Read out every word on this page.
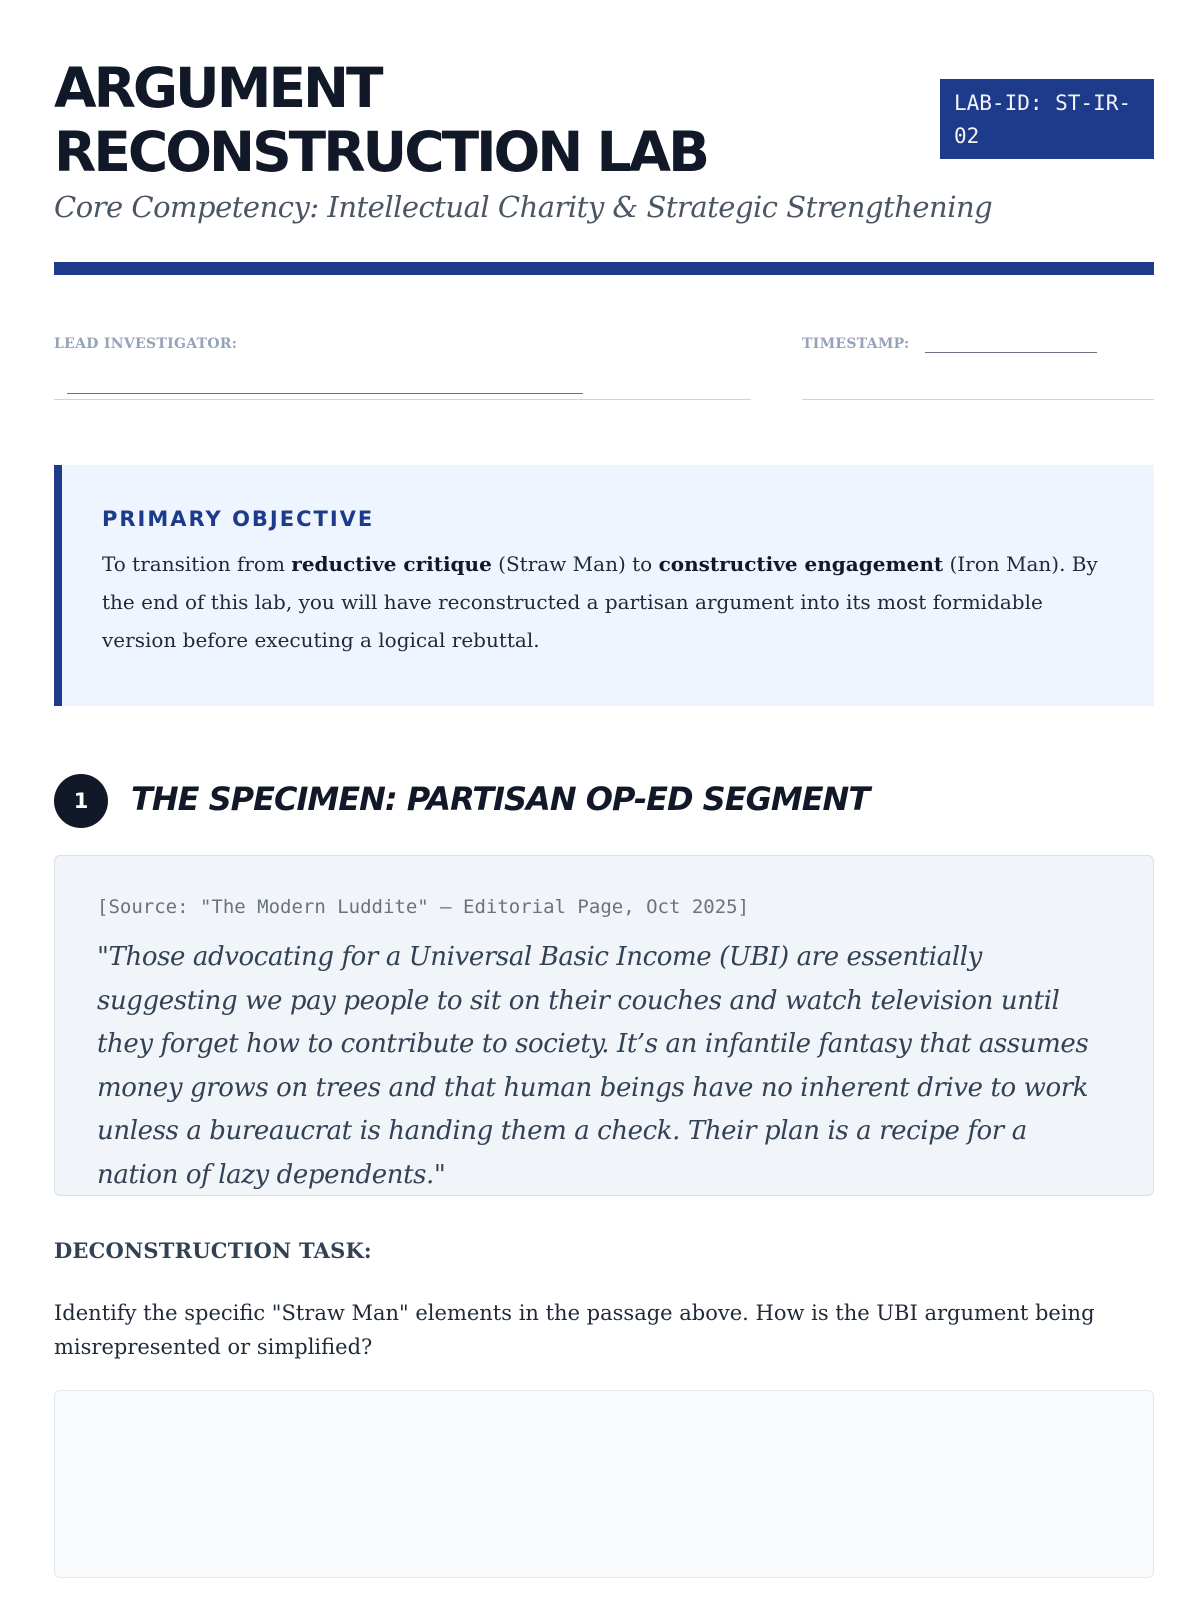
ARGUMENT
RECONSTRUCTION LAB
Core Competency: Intellectual Charity & Strategic Strengthening
LAB-ID: ST-IR-02
LEAD INVESTIGATOR:	TIMESTAMP:
PRIMARY OBJECTIVE

To transition from reductive critique (Straw Man) to constructive engagement (Iron Man). By the end of this lab, you will have reconstructed a partisan argument into its most formidable version before executing a logical rebuttal.

1	THE SPECIMEN: PARTISAN OP-ED SEGMENT
[Source: "The Modern Luddite" — Editorial Page, Oct 2025]

"Those advocating for a Universal Basic Income (UBI) are essentially suggesting we pay people to sit on their couches and watch television until they forget how to contribute to society. It’s an infantile fantasy that assumes money grows on trees and that human beings have no inherent drive to work unless a bureaucrat is handing them a check. Their plan is a recipe for a nation of lazy dependents."

DECONSTRUCTION TASK:

Identify the specific "Straw Man" elements in the passage above. How is the UBI argument being misrepresented or simplified?
